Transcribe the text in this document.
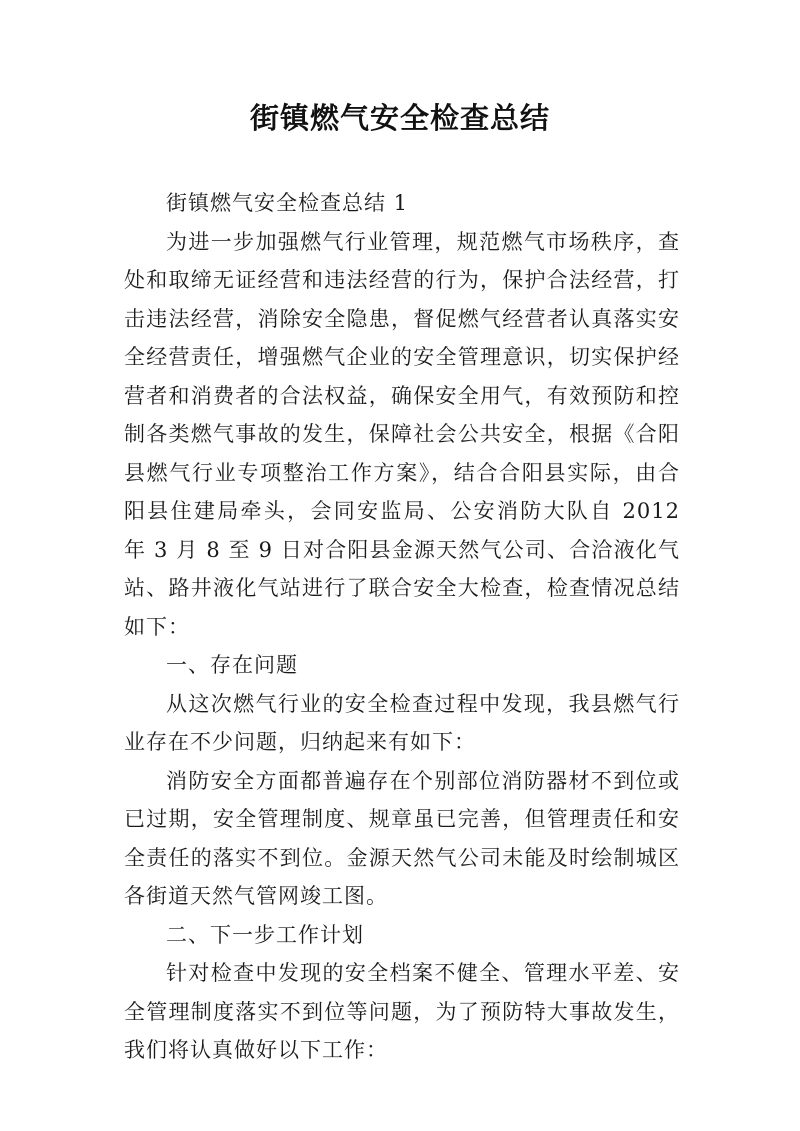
街镇燃气安全检查总结

街镇燃气安全检查总结 1

为进一步加强燃气行业管理，规范燃气市场秩序，查处和取缔无证经营和违法经营的行为，保护合法经营，打击违法经营，消除安全隐患，督促燃气经营者认真落实安全经营责任，增强燃气企业的安全管理意识，切实保护经营者和消费者的合法权益，确保安全用气，有效预防和控制各类燃气事故的发生，保障社会公共安全，根据《合阳县燃气行业专项整治工作方案》，结合合阳县实际，由合阳县住建局牵头，会同安监局、公安消防大队自 2012 年 3 月 8 至 9 日对合阳县金源天然气公司、合洽液化气站、路井液化气站进行了联合安全大检查，检查情况总结如下：

一、存在问题

从这次燃气行业的安全检查过程中发现，我县燃气行业存在不少问题，归纳起来有如下：

消防安全方面都普遍存在个别部位消防器材不到位或已过期，安全管理制度、规章虽已完善，但管理责任和安全责任的落实不到位。金源天然气公司未能及时绘制城区各街道天然气管网竣工图。

二、下一步工作计划

针对检查中发现的安全档案不健全、管理水平差、安全管理制度落实不到位等问题，为了预防特大事故发生，我们将认真做好以下工作：
